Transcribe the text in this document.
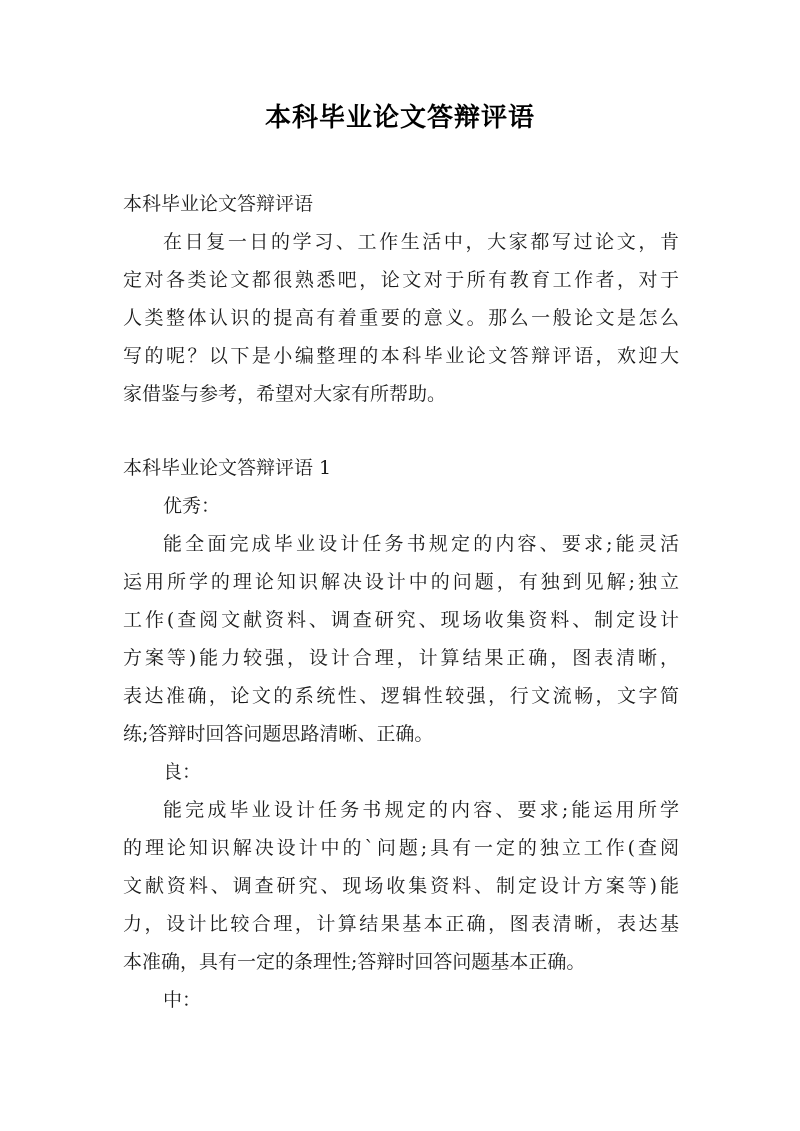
本科毕业论文答辩评语
本科毕业论文答辩评语
在日复一日的学习、工作生活中，大家都写过论文，肯
定对各类论文都很熟悉吧，论文对于所有教育工作者，对于
人类整体认识的提高有着重要的意义。那么一般论文是怎么
写的呢？以下是小编整理的本科毕业论文答辩评语，欢迎大
家借鉴与参考，希望对大家有所帮助。
本科毕业论文答辩评语 1
优秀：
能全面完成毕业设计任务书规定的内容、要求;能灵活
运用所学的理论知识解决设计中的问题，有独到见解;独立
工作(查阅文献资料、调查研究、现场收集资料、制定设计
方案等)能力较强，设计合理，计算结果正确，图表清晰，
表达准确，论文的系统性、逻辑性较强，行文流畅，文字简
练;答辩时回答问题思路清晰、正确。
良：
能完成毕业设计任务书规定的内容、要求;能运用所学
的理论知识解决设计中的`问题;具有一定的独立工作(查阅
文献资料、调查研究、现场收集资料、制定设计方案等)能
力，设计比较合理，计算结果基本正确，图表清晰，表达基
本准确，具有一定的条理性;答辩时回答问题基本正确。
中：
